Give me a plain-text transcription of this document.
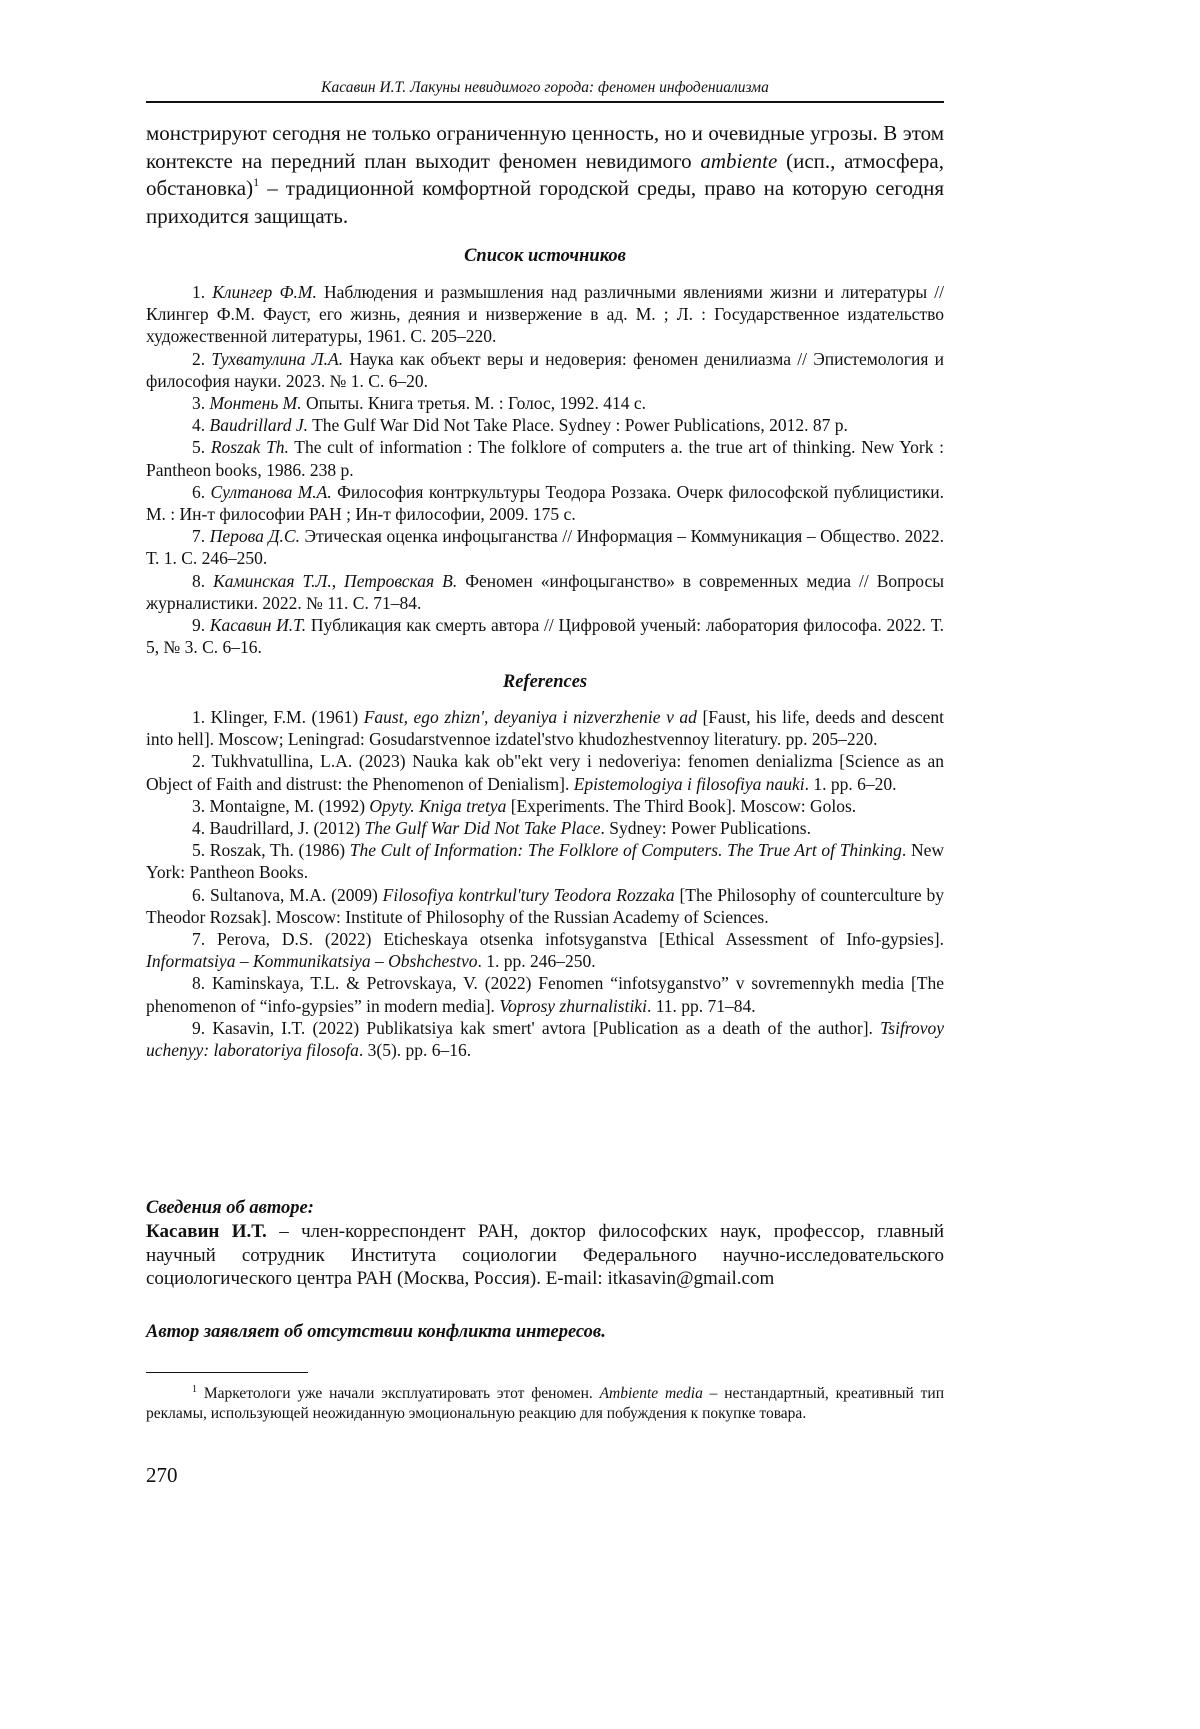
Касавин И.Т. Лакуны невидимого города: феномен инфодениализма

монстрируют сегодня не только ограниченную ценность, но и очевидные угрозы. В этом контексте на передний план выходит феномен невидимого ambiente (исп., атмосфера, обстановка)$^1$ – традиционной комфортной городской среды, право на которую сегодня приходится защищать.

Список источников
1. Клингер Ф.М. Наблюдения и размышления над различными явлениями жизни и литературы // Клингер Ф.М. Фауст, его жизнь, деяния и низвержение в ад. М. ; Л. : Государственное издательство художественной литературы, 1961. С. 205–220.
2. Тухватулина Л.А. Наука как объект веры и недоверия: феномен денилиазма // Эпистемология и философия науки. 2023. № 1. С. 6–20.
3. Монтень М. Опыты. Книга третья. М. : Голос, 1992. 414 с.
4. Baudrillard J. The Gulf War Did Not Take Place. Sydney : Power Publications, 2012. 87 p.
5. Roszak Th. The cult of information : The folklore of computers a. the true art of thinking. New York : Pantheon books, 1986. 238 p.
6. Султанова М.А. Философия контркультуры Теодора Роззака. Очерк философской публицистики. М. : Ин-т философии РАН ; Ин-т философии, 2009. 175 с.
7. Перова Д.С. Этическая оценка инфоцыганства // Информация – Коммуникация – Общество. 2022. Т. 1. С. 246–250.
8. Каминская Т.Л., Петровская В. Феномен «инфоцыганство» в современных медиа // Вопросы журналистики. 2022. № 11. С. 71–84.
9. Касавин И.Т. Публикация как смерть автора // Цифровой ученый: лаборатория философа. 2022. Т. 5, № 3. С. 6–16.
References
1. Klinger, F.M. (1961) Faust, ego zhizn', deyaniya i nizverzhenie v ad [Faust, his life, deeds and descent into hell]. Moscow; Leningrad: Gosudarstvennoe izdatel'stvo khudozhestvennoy literatury. pp. 205–220.
2. Tukhvatullina, L.A. (2023) Nauka kak ob"ekt very i nedoveriya: fenomen denializma [Science as an Object of Faith and distrust: the Phenomenon of Denialism]. Epistemologiya i filosofiya nauki. 1. pp. 6–20.
3. Montaigne, M. (1992) Opyty. Kniga tretya [Experiments. The Third Book]. Moscow: Golos.
4. Baudrillard, J. (2012) The Gulf War Did Not Take Place. Sydney: Power Publications.
5. Roszak, Th. (1986) The Cult of Information: The Folklore of Computers. The True Art of Thinking. New York: Pantheon Books.
6. Sultanova, M.A. (2009) Filosofiya kontrkul'tury Teodora Rozzaka [The Philosophy of counterculture by Theodor Rozsak]. Moscow: Institute of Philosophy of the Russian Academy of Sciences.
7. Perova, D.S. (2022) Eticheskaya otsenka infotsyganstva [Ethical Assessment of Info-gypsies]. Informatsiya – Kommunikatsiya – Obshchestvo. 1. pp. 246–250.
8. Kaminskaya, T.L. & Petrovskaya, V. (2022) Fenomen “infotsyganstvo” v sovremennykh media [The phenomenon of “info-gypsies” in modern media]. Voprosy zhurnalistiki. 11. pp. 71–84.
9. Kasavin, I.T. (2022) Publikatsiya kak smert' avtora [Publication as a death of the author]. Tsifrovoy uchenyy: laboratoriya filosofa. 3(5). pp. 6–16.
Сведения об авторе:

Касавин И.Т. – член-корреспондент РАН, доктор философских наук, профессор, главный научный сотрудник Института социологии Федерального научно-исследовательского социологического центра РАН (Москва, Россия). E-mail: itkasavin@gmail.com

Автор заявляет об отсутствии конфликта интересов.

$^1$ Маркетологи уже начали эксплуатировать этот феномен. Ambiente media – нестандартный, креативный тип рекламы, использующей неожиданную эмоциональную реакцию для побуждения к покупке товара.

270
